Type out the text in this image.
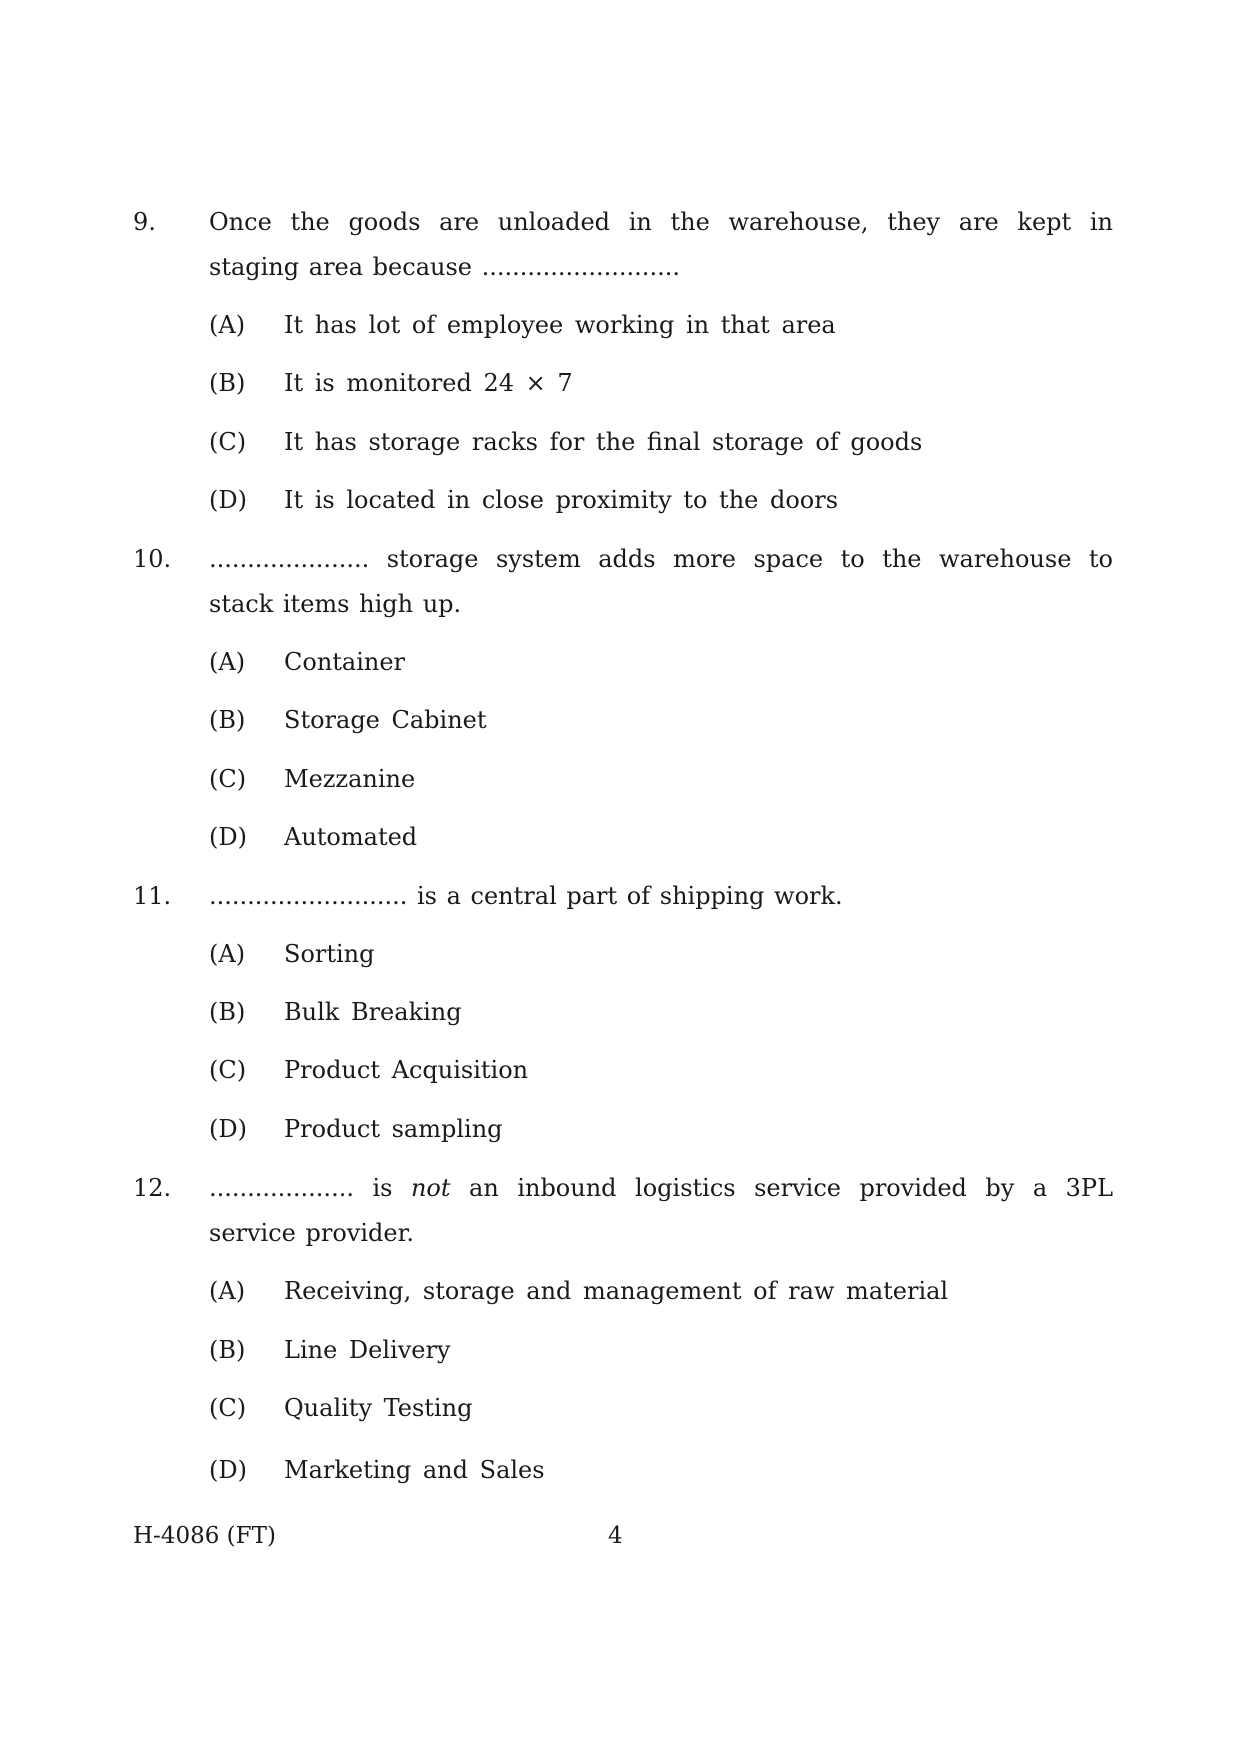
9. Once the goods are unloaded in the warehouse, they are kept in staging area because ..........................
(A) It has lot of employee working in that area
(B) It is monitored 24 × 7
(C) It has storage racks for the final storage of goods
(D) It is located in close proximity to the doors
10. ..................... storage system adds more space to the warehouse to stack items high up.
(A) Container
(B) Storage Cabinet
(C) Mezzanine
(D) Automated
11. .......................... is a central part of shipping work.
(A) Sorting
(B) Bulk Breaking
(C) Product Acquisition
(D) Product sampling
12. ................... is not an inbound logistics service provided by a 3PL service provider.
(A) Receiving, storage and management of raw material
(B) Line Delivery
(C) Quality Testing
(D) Marketing and Sales
H-4086 (FT)	4
